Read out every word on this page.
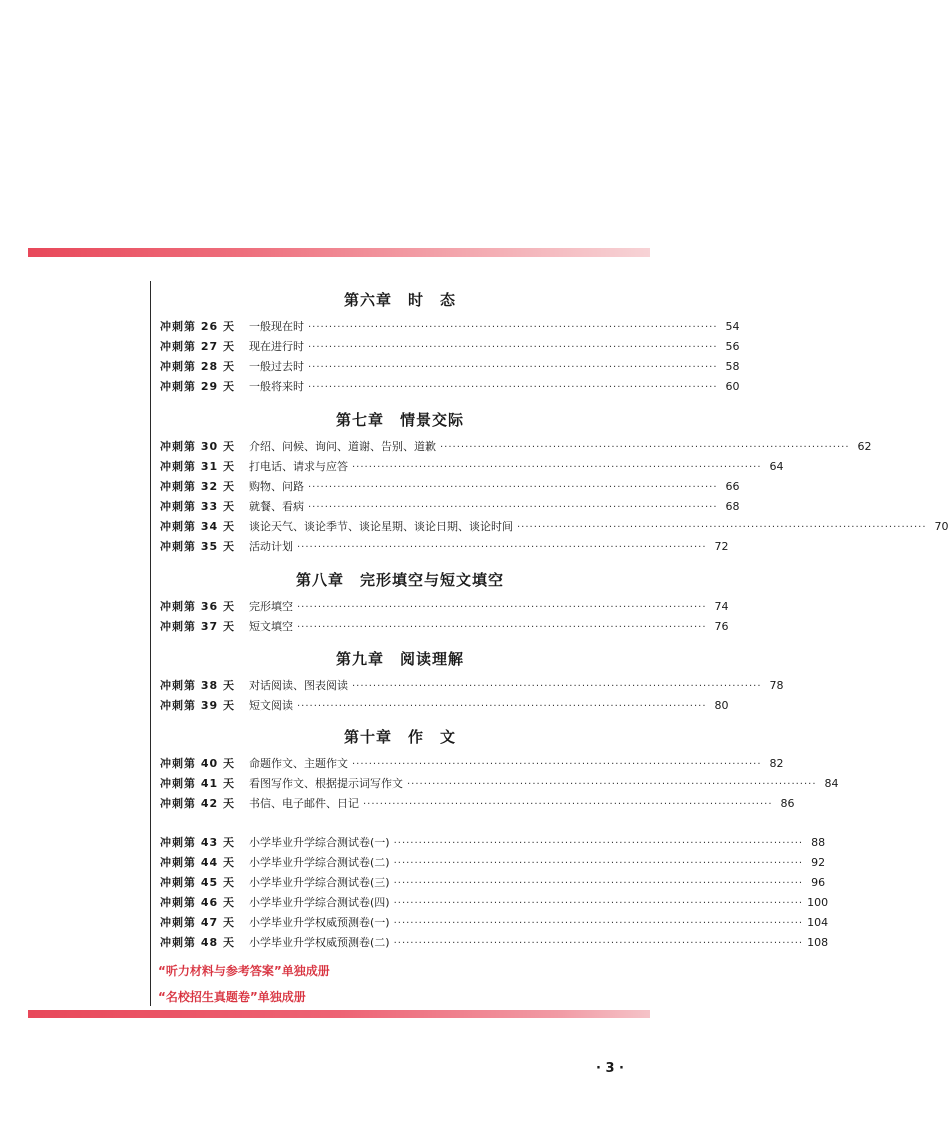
第六章　时　态
冲刺第 26 天	一般现在时 ·································································································· 54
冲刺第 27 天	现在进行时 ·································································································· 56
冲刺第 28 天	一般过去时 ·································································································· 58
冲刺第 29 天	一般将来时 ·································································································· 60
第七章　情景交际
冲刺第 30 天	介绍、问候、询问、道谢、告别、道歉 ·································································································· 62
冲刺第 31 天	打电话、请求与应答 ·································································································· 64
冲刺第 32 天	购物、问路 ·································································································· 66
冲刺第 33 天	就餐、看病 ·································································································· 68
冲刺第 34 天	谈论天气、谈论季节、谈论星期、谈论日期、谈论时间 ·································································································· 70
冲刺第 35 天	活动计划 ·································································································· 72
第八章　完形填空与短文填空
冲刺第 36 天	完形填空 ·································································································· 74
冲刺第 37 天	短文填空 ·································································································· 76
第九章　阅读理解
冲刺第 38 天	对话阅读、图表阅读 ·································································································· 78
冲刺第 39 天	短文阅读 ·································································································· 80
第十章　作　文
冲刺第 40 天	命题作文、主题作文 ·································································································· 82
冲刺第 41 天	看图写作文、根据提示词写作文 ·································································································· 84
冲刺第 42 天	书信、电子邮件、日记 ·································································································· 86
冲刺第 43 天	小学毕业升学综合测试卷(一) ·································································································· 88
冲刺第 44 天	小学毕业升学综合测试卷(二) ·································································································· 92
冲刺第 45 天	小学毕业升学综合测试卷(三) ·································································································· 96
冲刺第 46 天	小学毕业升学综合测试卷(四) ·································································································· 100
冲刺第 47 天	小学毕业升学权威预测卷(一) ·································································································· 104
冲刺第 48 天	小学毕业升学权威预测卷(二) ·································································································· 108
“听力材料与参考答案”单独成册
“名校招生真题卷”单独成册
· 3 ·
